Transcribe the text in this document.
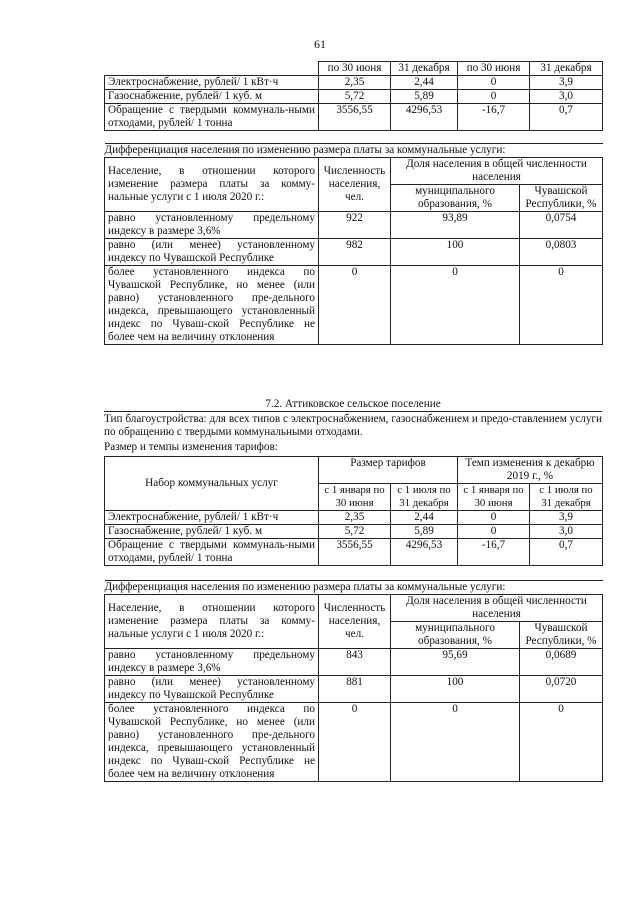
61
	по 30 июня	31 декабря	по 30 июня	31 декабря
Электроснабжение, рублей/ 1 кВт·ч	2,35	2,44	0	3,9
Газоснабжение, рублей/ 1 куб. м	5,72	5,89	0	3,0
Обращение с твердыми коммуналь-ными отходами, рублей/ 1 тонна	3556,55	4296,53	-16,7	0,7
Дифференциация населения по изменению размера платы за коммунальные услуги:			
Население, в отношении которого изменение размера платы за комму-нальные услуги с 1 июля 2020 г.:	Численность населения, чел.	Доля населения в общей численности населения	
		муниципального образования, %	Чувашской Республики, %
равно установленному предельному индексу в размере 3,6%	922	93,89	0,0754
равно (или менее) установленному индексу по Чувашской Республике	982	100	0,0803
более установленного индекса по Чувашской Республике, но менее (или равно) установленного пре-дельного индекса, превышающего установленный индекс по Чуваш-ской Республике не более чем на величину отклонения	0	0	0
7.2. Аттиковское сельское поселение
Тип благоустройства: для всех типов с электроснабжением, газоснабжением и предо-ставлением услуги по обращению с твердыми коммунальными отходами.
Размер и темпы изменения тарифов:
Набор коммунальных услуг	Размер тарифов		Темп изменения к декабрю 2019 г., %	
	с 1 января по 30 июня	с 1 июля по 31 декабря	с 1 января по 30 июня	с 1 июля по 31 декабря
Электроснабжение, рублей/ 1 кВт·ч	2,35	2,44	0	3,9
Газоснабжение, рублей/ 1 куб. м	5,72	5,89	0	3,0
Обращение с твердыми коммуналь-ными отходами, рублей/ 1 тонна	3556,55	4296,53	-16,7	0,7
Дифференциация населения по изменению размера платы за коммунальные услуги:			
Население, в отношении которого изменение размера платы за комму-нальные услуги с 1 июля 2020 г.:	Численность населения, чел.	Доля населения в общей численности населения	
		муниципального образования, %	Чувашской Республики, %
равно установленному предельному индексу в размере 3,6%	843	95,69	0,0689
равно (или менее) установленному индексу по Чувашской Республике	881	100	0,0720
более установленного индекса по Чувашской Республике, но менее (или равно) установленного пре-дельного индекса, превышающего установленный индекс по Чуваш-ской Республике не более чем на величину отклонения	0	0	0
